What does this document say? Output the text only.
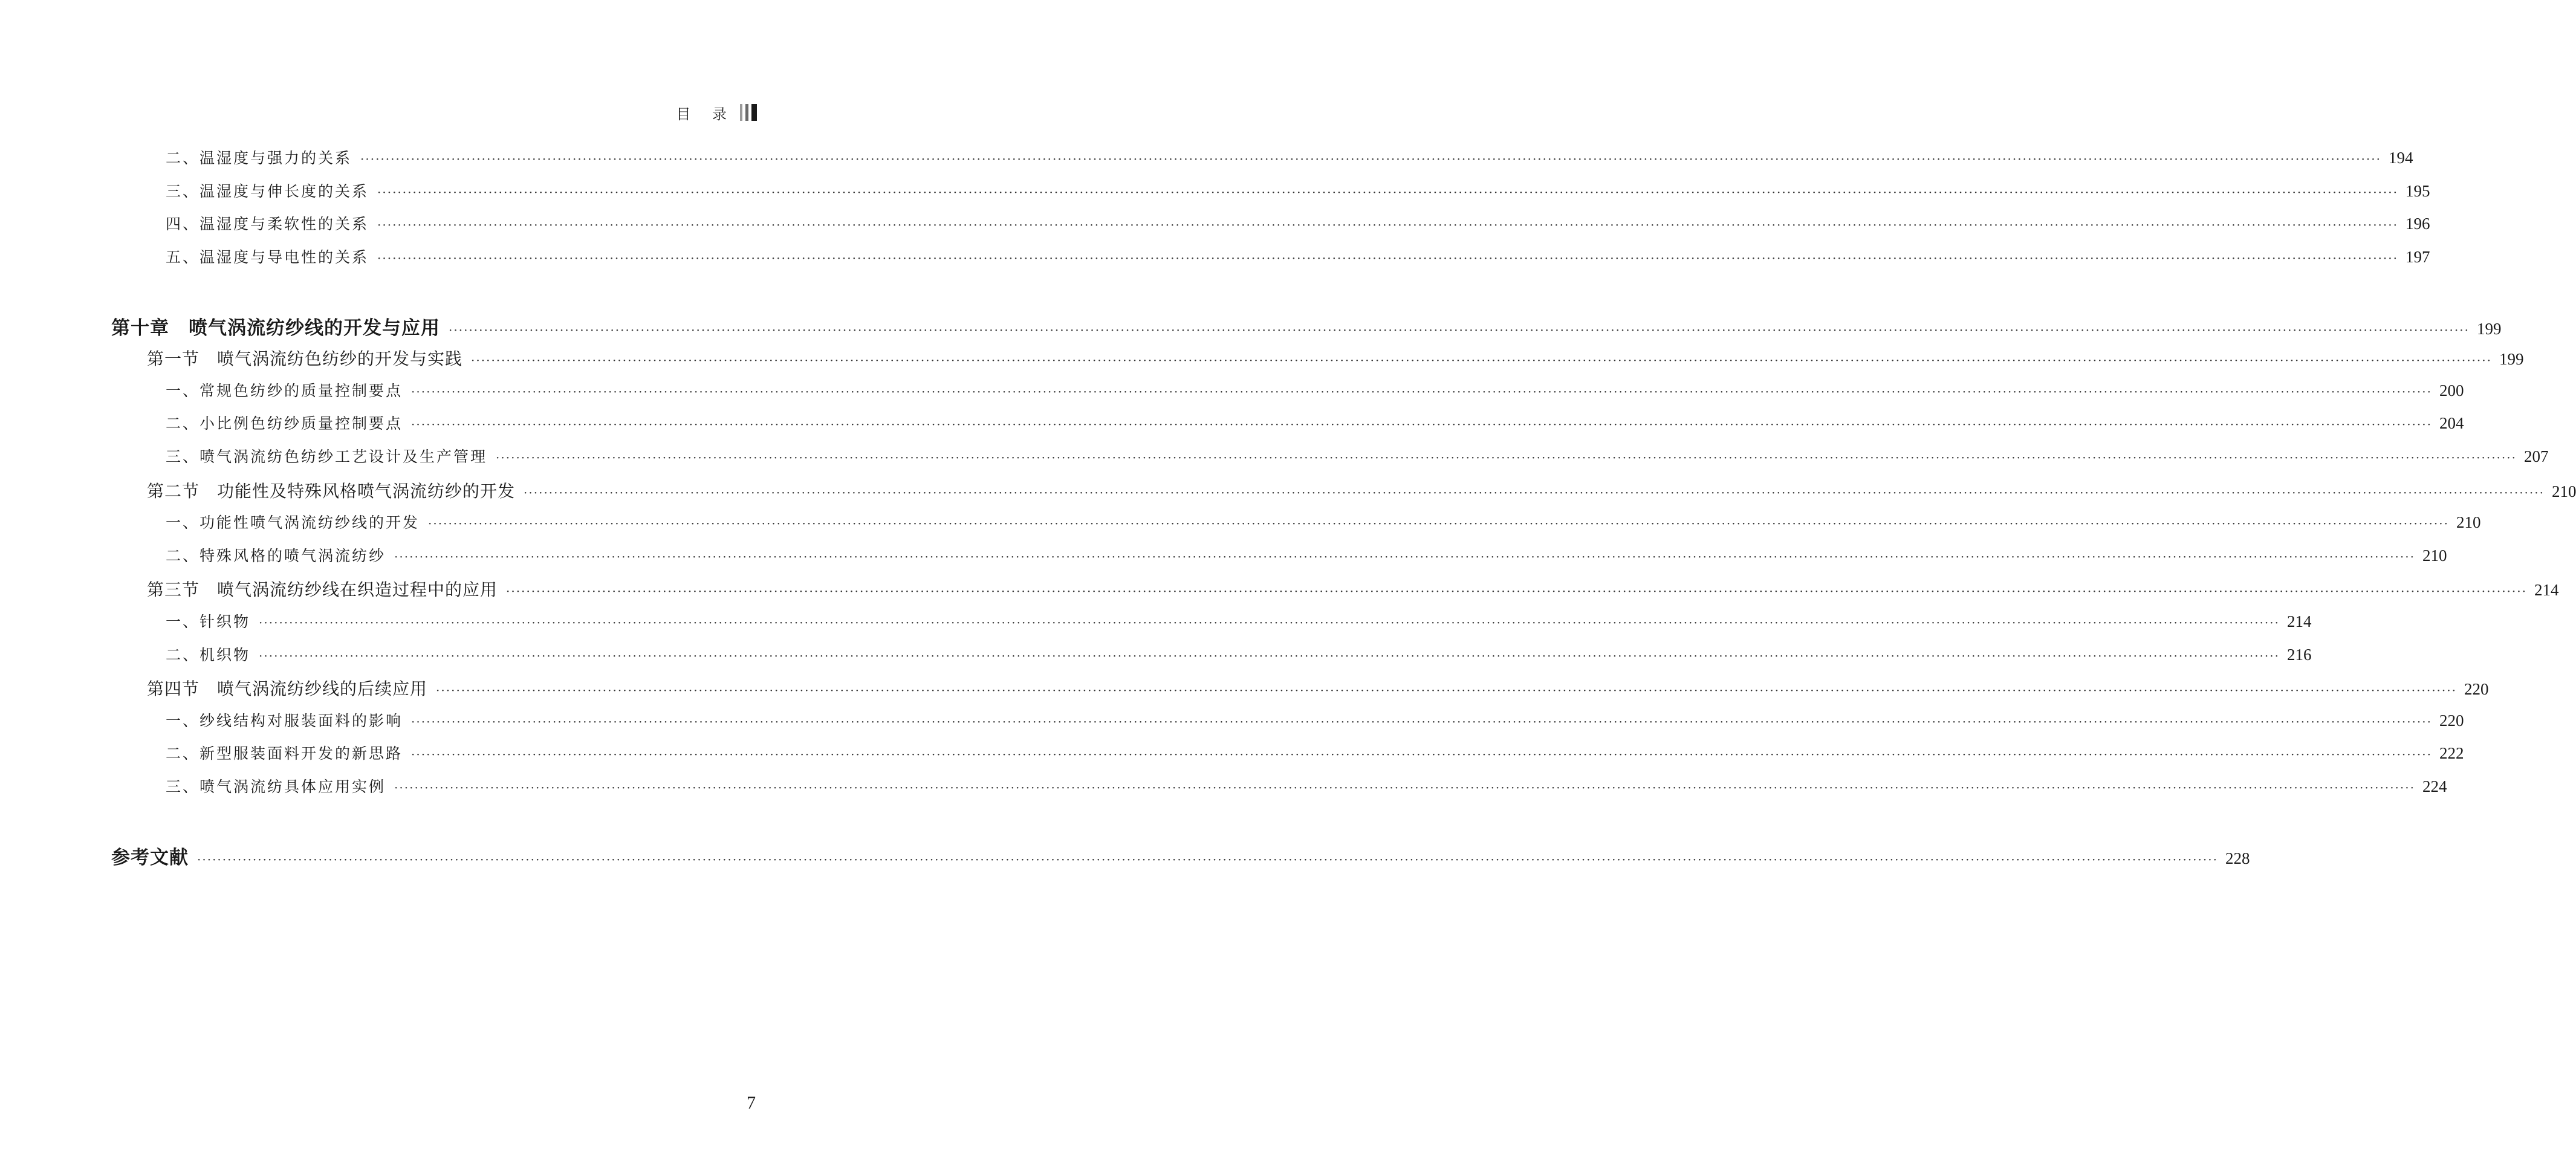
目 录
二、温湿度与强力的关系 ················································································································································································································································································································································································································ 194
三、温湿度与伸长度的关系 ················································································································································································································································································································································································································ 195
四、温湿度与柔软性的关系 ················································································································································································································································································································································································································ 196
五、温湿度与导电性的关系 ················································································································································································································································································································································································································ 197
第十章　喷气涡流纺纱线的开发与应用 ················································································································································································································································································································································································································ 199
第一节　喷气涡流纺色纺纱的开发与实践 ················································································································································································································································································································································································································ 199
一、常规色纺纱的质量控制要点 ················································································································································································································································································································································································································ 200
二、小比例色纺纱质量控制要点 ················································································································································································································································································································································································································ 204
三、喷气涡流纺色纺纱工艺设计及生产管理 ················································································································································································································································································································································································································ 207
第二节　功能性及特殊风格喷气涡流纺纱的开发 ················································································································································································································································································································································································································ 210
一、功能性喷气涡流纺纱线的开发 ················································································································································································································································································································································································································ 210
二、特殊风格的喷气涡流纺纱 ················································································································································································································································································································································································································ 210
第三节　喷气涡流纺纱线在织造过程中的应用 ················································································································································································································································································································································································································ 214
一、针织物 ················································································································································································································································································································································································································ 214
二、机织物 ················································································································································································································································································································································································································ 216
第四节　喷气涡流纺纱线的后续应用 ················································································································································································································································································································································································································ 220
一、纱线结构对服装面料的影响 ················································································································································································································································································································································································································ 220
二、新型服装面料开发的新思路 ················································································································································································································································································································································································································ 222
三、喷气涡流纺具体应用实例 ················································································································································································································································································································································································································ 224
参考文献 ················································································································································································································································································································································································································ 228
7
